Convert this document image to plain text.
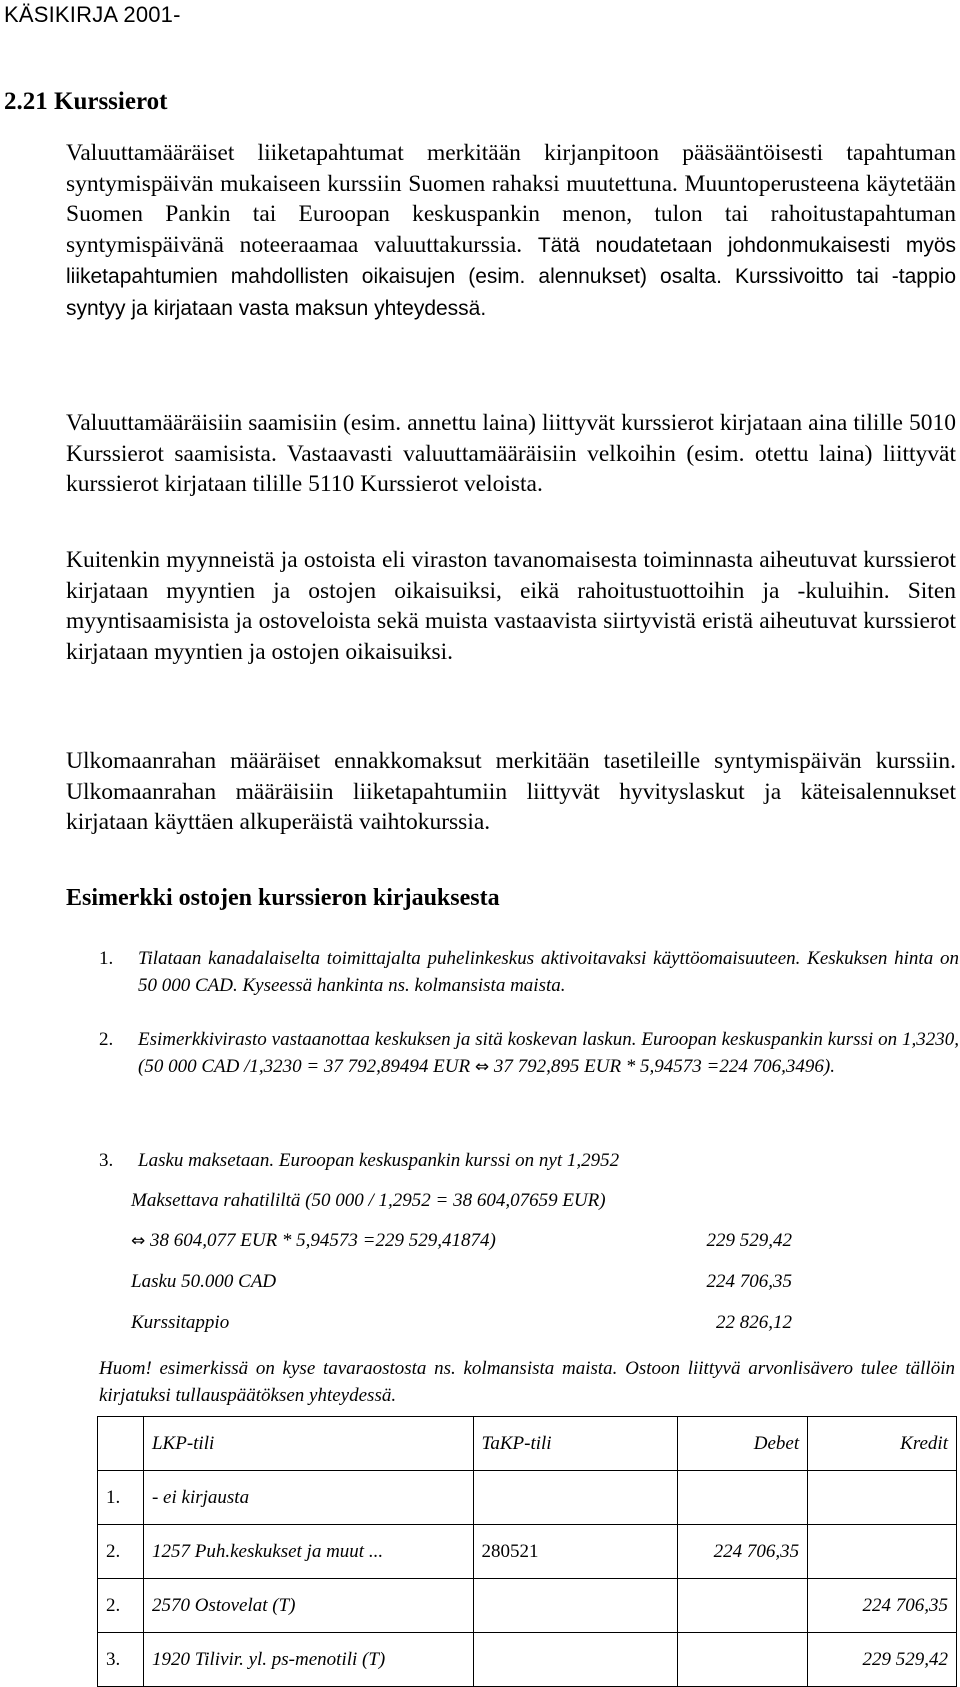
KÄSIKIRJA 2001-
2.21 Kurssierot
Valuuttamääräiset liiketapahtumat merkitään kirjanpitoon pääsääntöisesti tapahtuman syntymispäivän mukaiseen kurssiin Suomen rahaksi muutettuna. Muuntoperusteena käytetään Suomen Pankin tai Euroopan keskuspankin menon, tulon tai rahoitustapahtuman syntymispäivänä noteeraamaa valuuttakurssia. Tätä noudatetaan johdonmukaisesti myös liiketapahtumien mahdollisten oikaisujen (esim. alennukset) osalta. Kurssivoitto tai -tappio syntyy ja kirjataan vasta maksun yhteydessä.
Valuuttamääräisiin saamisiin (esim. annettu laina) liittyvät kurssierot kirjataan aina tilille 5010 Kurssierot saamisista. Vastaavasti valuuttamääräisiin velkoihin (esim. otettu laina) liittyvät kurssierot kirjataan tilille 5110 Kurssierot veloista.
Kuitenkin myynneistä ja ostoista eli viraston tavanomaisesta toiminnasta aiheutuvat kurssierot kirjataan myyntien ja ostojen oikaisuiksi, eikä rahoitustuottoihin ja -kuluihin. Siten myyntisaamisista ja ostoveloista sekä muista vastaavista siirtyvistä eristä aiheutuvat kurssierot kirjataan myyntien ja ostojen oikaisuiksi.
Ulkomaanrahan määräiset ennakkomaksut merkitään tasetileille syntymispäivän kurssiin. Ulkomaanrahan määräisiin liiketapahtumiin liittyvät hyvityslaskut ja käteisalennukset kirjataan käyttäen alkuperäistä vaihtokurssia.
Esimerkki ostojen kurssieron kirjauksesta
1. Tilataan kanadalaiselta toimittajalta puhelinkeskus aktivoitavaksi käyttöomaisuuteen. Keskuksen hinta on 50 000 CAD. Kyseessä hankinta ns. kolmansista maista.
2. Esimerkkivirasto vastaanottaa keskuksen ja sitä koskevan laskun. Euroopan keskuspankin kurssi on 1,3230, (50 000 CAD /1,3230 = 37 792,89494 EUR ⇔ 37 792,895 EUR * 5,94573 =224 706,3496).
3. Lasku maksetaan. Euroopan keskuspankin kurssi on nyt 1,2952
Maksettava rahatililtä (50 000 / 1,2952 = 38 604,07659 EUR)
⇔ 38 604,077 EUR * 5,94573 =229 529,41874)	229 529,42
Lasku 50.000 CAD	224 706,35
Kurssitappio	22 826,12
Huom! esimerkissä on kyse tavaraostosta ns. kolmansista maista. Ostoon liittyvä arvonlisävero tulee tällöin kirjatuksi tullauspäätöksen yhteydessä.
	LKP-tili	TaKP-tili	Debet	Kredit
1.	- ei kirjausta			
2.	1257 Puh.keskukset ja muut ...	280521	224 706,35	
2.	2570 Ostovelat (T)			224 706,35
3.	1920 Tilivir. yl. ps-menotili (T)			229 529,42
